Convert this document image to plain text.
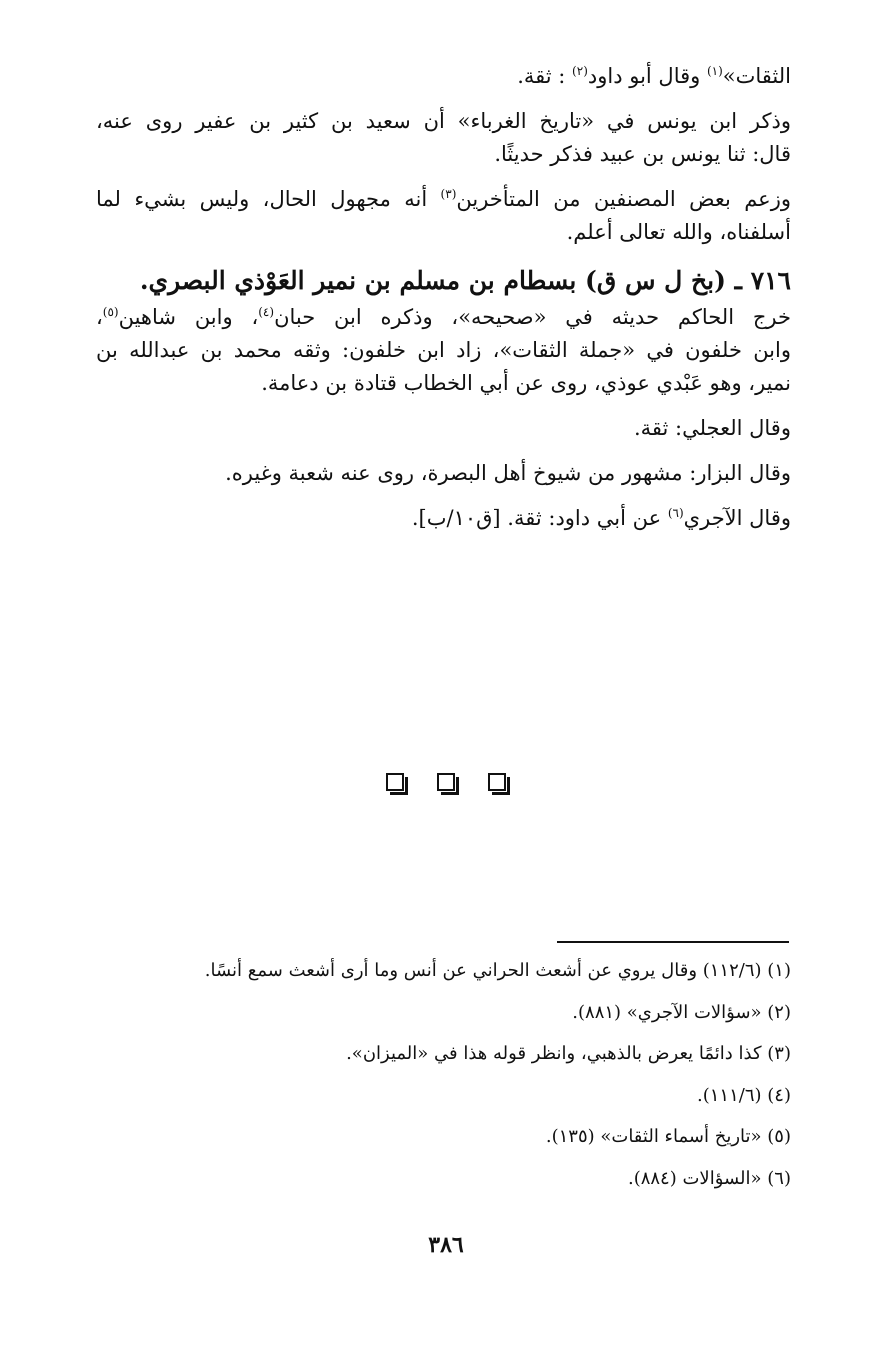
الثقات»$^{(١)}$ وقال أبو داود$^{(٢)}$ : ثقة.
وذكر ابن يونس في «تاريخ الغرباء» أن سعيد بن كثير بن عفير روى عنه،
قال: ثنا يونس بن عبيد فذكر حديثًا.
وزعم بعض المصنفين من المتأخرين$^{(٣)}$ أنه مجهول الحال، وليس بشيء لما
أسلفناه، والله تعالى أعلم.
٧١٦ ـ (بخ ل س ق) بسطام بن مسلم بن نمير العَوْذي البصري.
خرج الحاكم حديثه في «صحيحه»، وذكره ابن حبان$^{(٤)}$، وابن شاهين$^{(٥)}$،
وابن خلفون في «جملة الثقات»، زاد ابن خلفون: وثقه محمد بن عبدالله بن
نمير، وهو عَبْدي عوذي، روى عن أبي الخطاب قتادة بن دعامة.
وقال العجلي: ثقة.
وقال البزار: مشهور من شيوخ أهل البصرة، روى عنه شعبة وغيره.
وقال الآجري$^{(٦)}$ عن أبي داود: ثقة. [ق١٠/ب].

(١) (١١٢/٦) وقال يروي عن أشعث الحراني عن أنس وما أرى أشعث سمع أنسًا.
(٢) «سؤالات الآجري» (٨٨١).
(٣) كذا دائمًا يعرض بالذهبي، وانظر قوله هذا في «الميزان».
(٤) (١١١/٦).
(٥) «تاريخ أسماء الثقات» (١٣٥).
(٦) «السؤالات (٨٨٤).
٣٨٦
